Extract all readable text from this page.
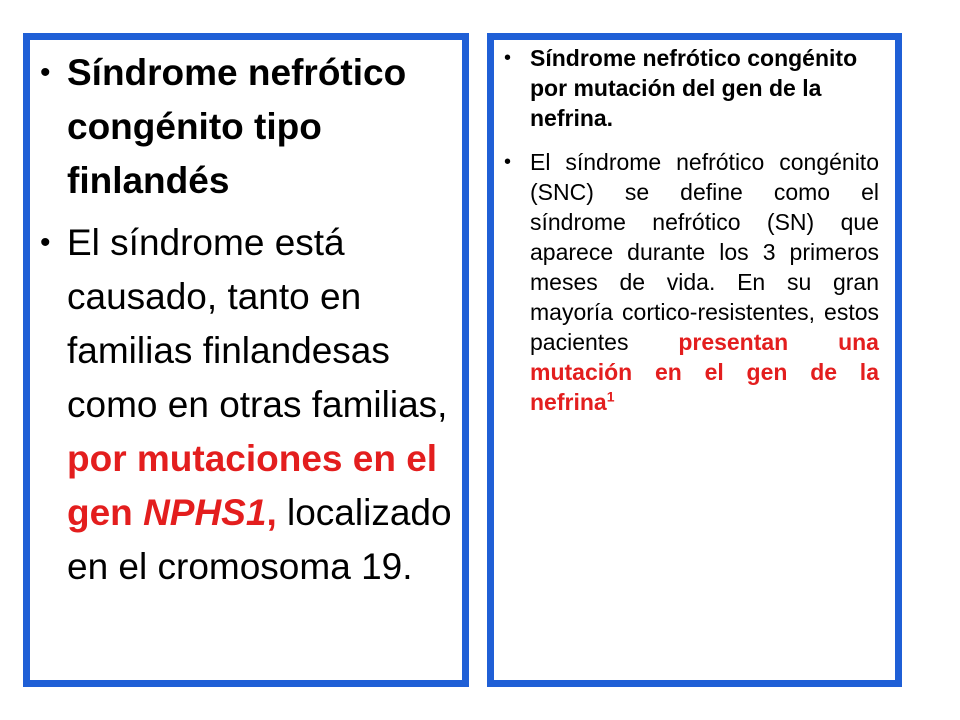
• Síndrome nefrótico congénito tipo finlandés
• El síndrome está causado, tanto en familias finlandesas como en otras familias, por mutaciones en el gen NPHS1, localizado en el cromosoma 19.
• Síndrome nefrótico congénito por mutación del gen de la nefrina.
• El síndrome nefrótico congénito (SNC) se define como el síndrome nefrótico (SN) que aparece durante los 3 primeros meses de vida. En su gran mayoría cortico-resistentes, estos pacientes presentan una mutación en el gen de la nefrina$^1$
